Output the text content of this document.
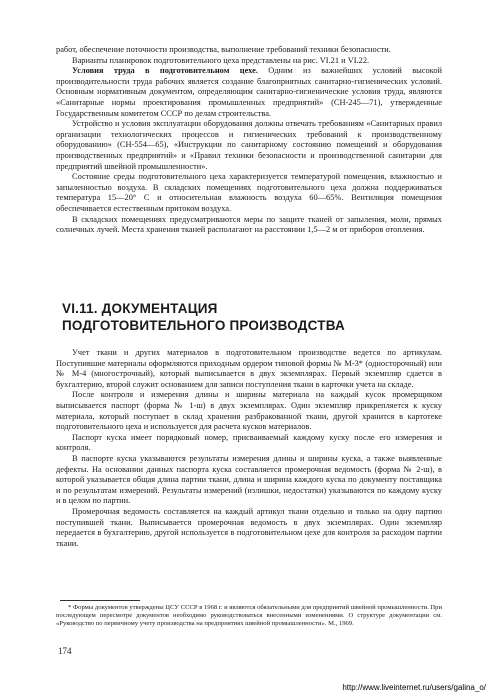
работ, обеспечение поточности производства, выполнение требований техники безопасности.

Варианты планировок подготовительного цеха представлены на рис. VI.21 и VI.22.

Условия труда в подготовительном цехе. Одним из важнейших условий высокой производительности труда рабочих является создание благоприятных санитарно-гигиенических условий. Основным нормативным документом, определяющим санитарно-гигиенические условия труда, являются «Санитарные нормы проектирования промышленных предприятий» (СН-245—71), утвержденные Государственным комитетом СССР по делам строительства.

Устройство и условия эксплуатации оборудования должны отвечать требованиям «Санитарных правил организации технологических процессов и гигиенических требований к производственному оборудованию» (СН-554—65), «Инструкции по санитарному состоянию помещений и оборудования производственных предприятий» и «Правил техники безопасности и производственной санитарии для предприятий швейной промышленности».

Состояние среды подготовительного цеха характеризуется температурой помещения, влажностью и запыленностью воздуха. В складских помещениях подготовительного цеха должна поддерживаться температура 15—20° С и относительная влажность воздуха 60—65%. Вентиляция помещения обеспечивается естественным притоком воздуха.

В складских помещениях предусматриваются меры по защите тканей от запыления, моли, прямых солнечных лучей. Места хранения тканей располагают на расстоянии 1,5—2 м от приборов отопления.

VI.11. ДОКУМЕНТАЦИЯ
ПОДГОТОВИТЕЛЬНОГО ПРОИЗВОДСТВА

Учет ткани и других материалов в подготовительном производстве ведется по артикулам. Поступившие материалы оформляются приходным ордером типовой формы № М-3* (односторочный) или № М-4 (многострочный), который выписывается в двух экземплярах. Первый экземпляр сдается в бухгалтерию, второй служит основанием для записи поступления ткани в карточки учета на складе.

После контроля и измерения длины и ширины материала на каждый кусок промерщиком выписывается паспорт (форма № 1-ш) в двух экземплярах. Один экземпляр прикрепляется к куску материала, который поступает в склад хранения разбракованной ткани, другой хранится в картотеке подготовительного цеха и используется для расчета кусков материалов.

Паспорт куска имеет порядковый номер, присваиваемый каждому куску после его измерения и контроля.

В паспорте куска указываются результаты измерения длины и ширины куска, а также выявленные дефекты. На основании данных паспорта куска составляется промерочная ведомость (форма № 2-ш), в которой указывается общая длина партии ткани, длина и ширина каждого куска по документу поставщика и по результатам измерений. Результаты измерений (излишки, недостатки) указываются по каждому куску и в целом по партии.

Промерочная ведомость составляется на каждый артикул ткани отдельно и только на одну партию поступившей ткани. Выписывается промерочная ведомость в двух экземплярах. Один экземпляр передается в бухгалтерию, другой используется в подготовительном цехе для контроля за расходом партии ткани.

* Формы документов утверждены ЦСУ СССР в 1968 г. и являются обязательными для предприятий швейной промышленности. При последующем пересмотре документов необходимо руководствоваться внесенными изменениями. О структуре документации см. «Руководство по первичному учету производства на предприятиях швейной промышленности». М., 1969.

174
http://www.liveinternet.ru/users/galina_o/
